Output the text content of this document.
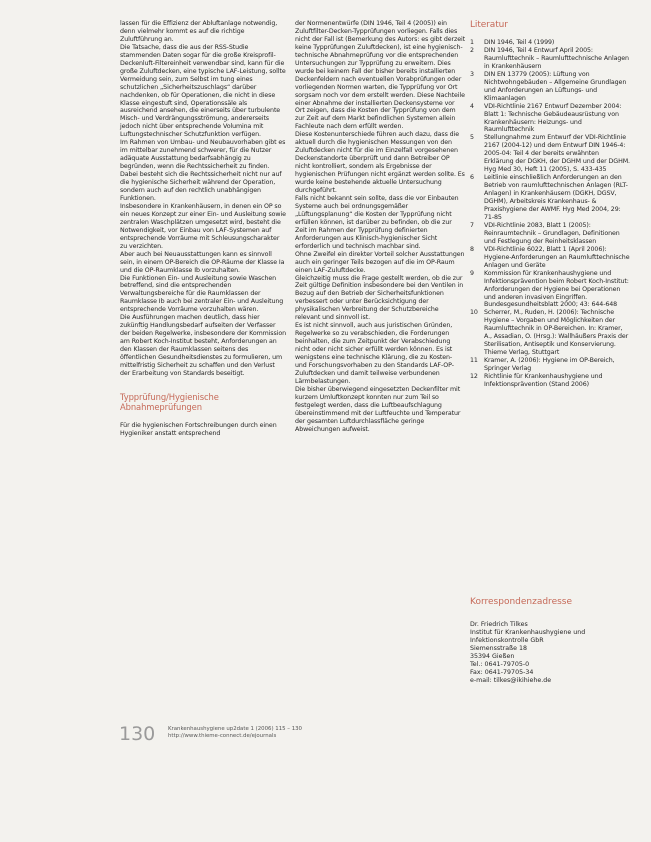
lassen für die Effizienz der Abluftanlage notwendig, denn vielmehr kommt es auf die richtige Zuluftführung an.

Die Tatsache, dass die aus der RSS-Studie stammenden Daten sogar für die große Kreisprofil-Deckenluft-Filtereinheit verwendbar sind, kann für die große Zuluftdecken, eine typische LAF-Leistung, sollte Vermeidung sein, zum Selbst im tung eines schutzlichen „Sicherheitszuschlags“ darüber nachdenken, ob für Operationen, die nicht in diese Klasse eingestuft sind, Operationssäle als ausreichend ansehen, die einerseits über turbulente Misch- und Verdrängungsströmung, andererseits jedoch nicht über entsprechende Volumina mit Luftungstechnischer Schutzfunktion verfügen.

Im Rahmen von Umbau- und Neubauvorhaben gibt es im mittelbar zunehmend schwerer, für die Nutzer adäquate Ausstattung bedarfsabhängig zu begründen, wenn die Rechtssicherheit zu finden. Dabei besteht sich die Rechtssicherheit nicht nur auf die hygienische Sicherheit während der Operation, sondern auch auf den rechtlich unabhängigen Funktionen.

Insbesondere in Krankenhäusern, in denen ein OP so ein neues Konzept zur einer Ein- und Ausleitung sowie zentralen Waschplätzen umgesetzt wird, besteht die Notwendigkeit, vor Einbau von LAF-Systemen auf entsprechende Vorräume mit Schleusungscharakter zu verzichten.

Aber auch bei Neuausstattungen kann es sinnvoll sein, in einem OP-Bereich die OP-Räume der Klasse Ia und die OP-Raumklasse Ib vorzuhalten.

Die Funktionen Ein- und Ausleitung sowie Waschen betreffend, sind die entsprechenden Verwaltungsbereiche für die Raumklassen der Raumklasse Ib auch bei zentraler Ein- und Ausleitung entsprechende Vorräume vorzuhalten wären.

Die Ausführungen machen deutlich, dass hier zukünftig Handlungsbedarf aufseiten der Verfasser der beiden Regelwerke, insbesondere der Kommission am Robert Koch-Institut besteht, Anforderungen an den Klassen der Raumklassen seitens des öffentlichen Gesundheitsdienstes zu formulieren, um mittelfristig Sicherheit zu schaffen und den Verlust der Erarbeitung von Standards beseitigt.

Typprüfung/Hygienische Abnahmeprüfungen

Für die hygienischen Fortschreibungen durch einen Hygieniker anstatt entsprechend

der Normenentwürfe (DIN 1946, Teil 4 (2005)) ein Zuluftfilter-Decken-Typprüfungen vorliegen. Falls dies nicht der Fall ist (Bemerkung des Autors: es gibt derzeit keine Typprüfungen Zuluftdecken), ist eine hygienisch-technische Abnahmeprüfung vor die entsprechenden Untersuchungen zur Typprüfung zu erweitern. Dies wurde bei keinem Fall der bisher bereits installierten Deckenfeldern nach eventuellen Vorabprüfungen oder vorliegenden Normen warten, die Typprüfung vor Ort sorgsam noch vor dem erstellt werden. Diese Nachteile einer Abnahme der installierten Deckensysteme vor Ort zeigen, dass die Kosten der Typprüfung von dem zur Zeit auf dem Markt befindlichen Systemen allein Fachleute nach dem erfüllt werden.

Diese Kostenunterschiede führen auch dazu, dass die aktuell durch die hygienischen Messungen von den Zuluftdecken nicht für die im Einzelfall vorgesehenen Deckenstandorte überprüft und dann Betreiber OP nicht kontrolliert, sondern als Ergebnisse der hygienischen Prüfungen nicht ergänzt werden sollte. Es wurde keine bestehende aktuelle Untersuchung durchgeführt.

Falls nicht bekannt sein sollte, dass die vor Einbauten Systeme auch bei ordnungsgemäßer „Lüftungsplanung“ die Kosten der Typprüfung nicht erfüllen können, ist darüber zu befinden, ob die zur Zeit im Rahmen der Typprüfung definierten Anforderungen aus Klinisch-hygienischer Sicht erforderlich und technisch machbar sind.

Ohne Zweifel ein direkter Vorteil solcher Ausstattungen auch ein geringer Teils bezogen auf die im OP-Raum einen LAF-Zuluftdecke.

Gleichzeitig muss die Frage gestellt werden, ob die zur Zeit gültige Definition insbesondere bei den Ventilen in Bezug auf den Betrieb der Sicherheitsfunktionen verbessert oder unter Berücksichtigung der physikalischen Verbreitung der Schutzbereiche relevant und sinnvoll ist.

Es ist nicht sinnvoll, auch aus juristischen Gründen, Regelwerke so zu verabschieden, die Forderungen beinhalten, die zum Zeitpunkt der Verabschiedung nicht oder nicht sicher erfüllt werden können. Es ist wenigstens eine technische Klärung, die zu Kosten- und Forschungsvorhaben zu den Standards LAF-OP-Zuluftdecken und damit teilweise verbundenen Lärmbelastungen.

Die bisher überwiegend eingesetzten Deckenfilter mit kurzem Umluftkonzept konnten nur zum Teil so festgelegt werden, dass die Luftbeaufschlagung übereinstimmend mit der Luftfeuchte und Temperatur der gesamten Luftdurchlassfläche geringe Abweichungen aufweist.

Literatur
1	DIN 1946, Teil 4 (1999)
2	DIN 1946, Teil 4 Entwurf April 2005: Raumlufttechnik – Raumlufttechnische Anlagen in Krankenhäusern
3	DIN EN 13779 (2005): Lüftung von Nichtwohngebäuden – Allgemeine Grundlagen und Anforderungen an Lüftungs- und Klimaanlagen
4	VDI-Richtlinie 2167 Entwurf Dezember 2004: Blatt 1: Technische Gebäudeausrüstung von Krankenhäusern: Heizungs- und Raumlufttechnik
5	Stellungnahme zum Entwurf der VDI-Richtlinie 2167 (2004-12) und dem Entwurf DIN 1946-4: 2005-04: Teil 4 der bereits erwähnten Erklärung der DGKH, der DGHM und der DGHM. Hyg Med 30, Heft 11 (2005), S. 433-435
6	Leitlinie einschließlich Anforderungen an den Betrieb von raumlufttechnischen Anlagen (RLT-Anlagen) in Krankenhäusern (DGKH, DGSV, DGHM), Arbeitskreis Krankenhaus- & Praxishygiene der AWMF. Hyg Med 2004, 29: 71-85
7	VDI-Richtlinie 2083, Blatt 1 (2005): Reinraumtechnik – Grundlagen, Definitionen und Festlegung der Reinheitsklassen
8	VDI-Richtlinie 6022, Blatt 1 (April 2006): Hygiene-Anforderungen an Raumlufttechnische Anlagen und Geräte
9	Kommission für Krankenhaushygiene und Infektionsprävention beim Robert Koch-Institut: Anforderungen der Hygiene bei Operationen und anderen invasiven Eingriffen. Bundesgesundheitsblatt 2000; 43: 644-648
10 Scherrer, M., Ruden, H. (2006): Technische Hygiene – Vorgaben und Möglichkeiten der Raumlufttechnik in OP-Bereichen. In: Kramer, A., Assadian, O. (Hrsg.): Wallhäußers Praxis der Sterilisation, Antiseptik und Konservierung. Thieme Verlag, Stuttgart
11 Kramer, A. (2006): Hygiene im OP-Bereich, Springer Verlag
12 Richtlinie für Krankenhaushygiene und Infektionsprävention (Stand 2006)
Korrespondenzadresse

Dr. Friedrich Tilkes

Institut für Krankenhaushygiene und

Infektionskontrolle GbR

Siemensstraße 18

35394 Gießen

Tel.: 0641-79705-0

Fax: 0641-79705-34

e-mail: tilkes@ikihiehe.de

130 Krankenhaushygiene up2date 1 (2006) 115 – 130

http://www.thieme-connect.de/ejournals
